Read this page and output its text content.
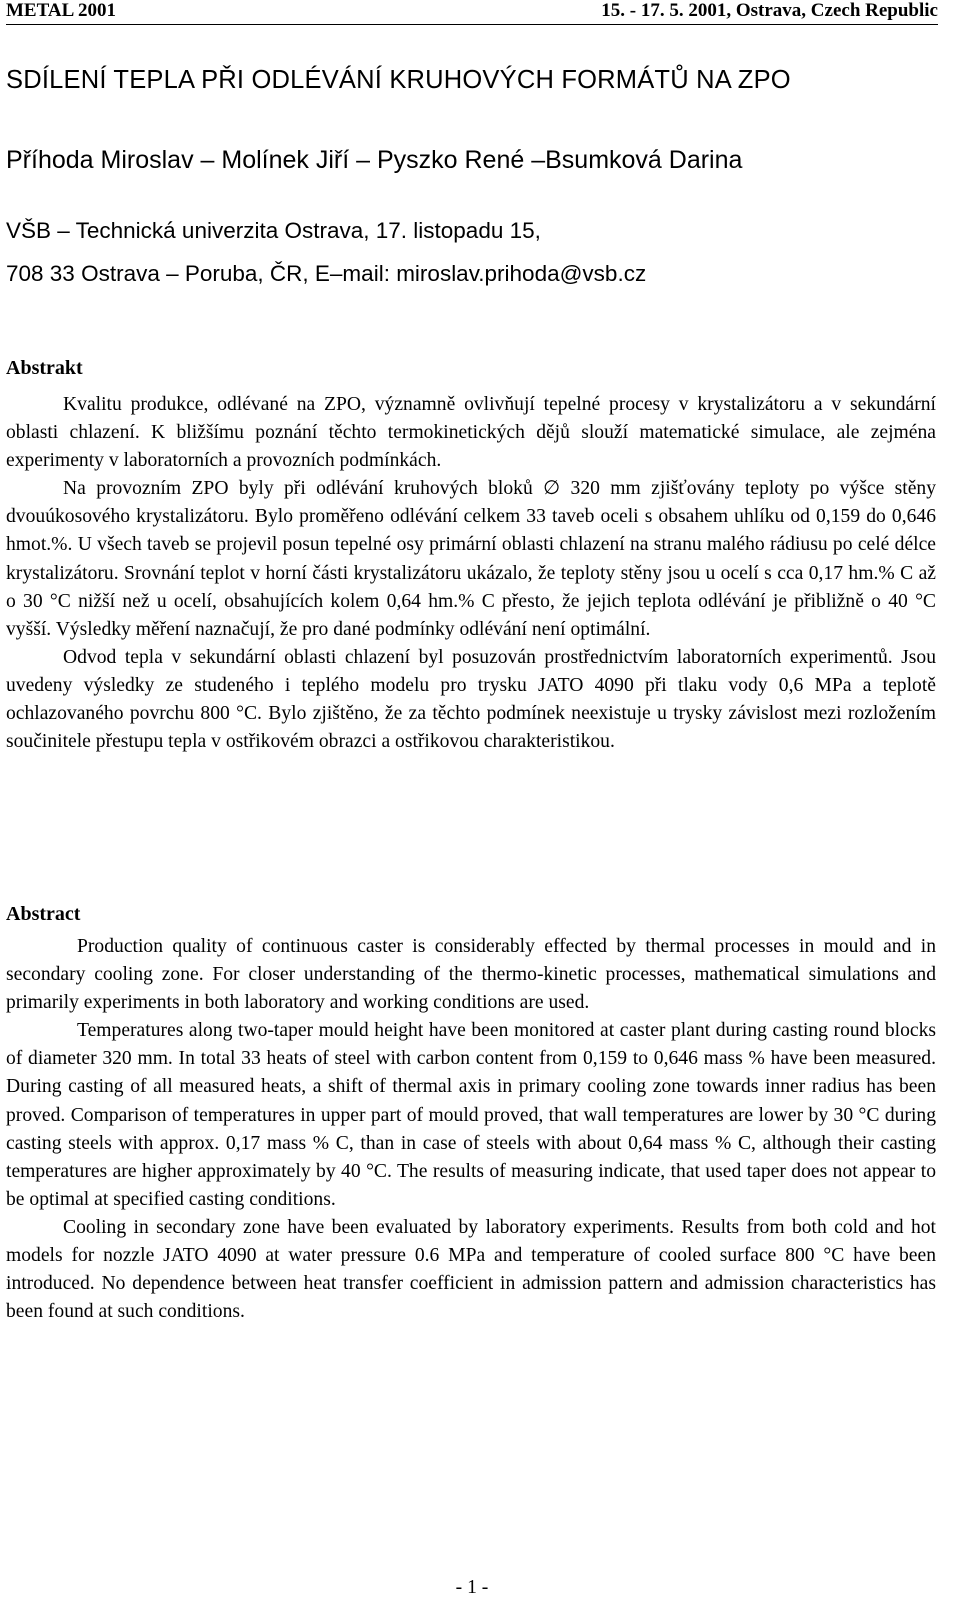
METAL 2001	15. - 17. 5. 2001, Ostrava, Czech Republic
SDÍLENÍ TEPLA PŘI ODLÉVÁNÍ KRUHOVÝCH FORMÁTŮ NA ZPO
Příhoda Miroslav – Molínek Jiří – Pyszko René –Bsumková Darina
VŠB – Technická univerzita Ostrava, 17. listopadu 15,
708 33 Ostrava – Poruba, ČR, E–mail: miroslav.prihoda@vsb.cz
Abstrakt

Kvalitu produkce, odlévané na ZPO, významně ovlivňují tepelné procesy v krystalizátoru a v sekundární oblasti chlazení. K bližšímu poznání těchto termokinetických dějů slouží matematické simulace, ale zejména experimenty v laboratorních a provozních podmínkách.

Na provozním ZPO byly při odlévání kruhových bloků ∅ 320 mm zjišťovány teploty po výšce stěny dvouúkosového krystalizátoru. Bylo proměřeno odlévání celkem 33 taveb oceli s obsahem uhlíku od 0,159 do 0,646 hmot.%. U všech taveb se projevil posun tepelné osy primární oblasti chlazení na stranu malého rádiusu po celé délce krystalizátoru. Srovnání teplot v horní části krystalizátoru ukázalo, že teploty stěny jsou u ocelí s cca 0,17 hm.% C až o 30 °C nižší než u ocelí, obsahujících kolem 0,64 hm.% C přesto, že jejich teplota odlévání je přibližně o 40 °C vyšší. Výsledky měření naznačují, že pro dané podmínky odlévání není optimální.

Odvod tepla v sekundární oblasti chlazení byl posuzován prostřednictvím laboratorních experimentů. Jsou uvedeny výsledky ze studeného i teplého modelu pro trysku JATO 4090 při tlaku vody 0,6 MPa a teplotě ochlazovaného povrchu 800 °C. Bylo zjištěno, že za těchto podmínek neexistuje u trysky závislost mezi rozložením součinitele přestupu tepla v ostřikovém obrazci a ostřikovou charakteristikou.

Abstract

Production quality of continuous caster is considerably effected by thermal processes in mould and in secondary cooling zone. For closer understanding of the thermo-kinetic processes, mathematical simulations and primarily experiments in both laboratory and working conditions are used.

Temperatures along two-taper mould height have been monitored at caster plant during casting round blocks of diameter 320 mm. In total 33 heats of steel with carbon content from 0,159 to 0,646 mass % have been measured. During casting of all measured heats, a shift of thermal axis in primary cooling zone towards inner radius has been proved. Comparison of temperatures in upper part of mould proved, that wall temperatures are lower by 30 °C during casting steels with approx. 0,17 mass % C, than in case of steels with about 0,64 mass % C, although their casting temperatures are higher approximately by 40 °C. The results of measuring indicate, that used taper does not appear to be optimal at specified casting conditions.

Cooling in secondary zone have been evaluated by laboratory experiments. Results from both cold and hot models for nozzle JATO 4090 at water pressure 0.6 MPa and temperature of cooled surface 800 °C have been introduced. No dependence between heat transfer coefficient in admission pattern and admission characteristics has been found at such conditions.

- 1 -
